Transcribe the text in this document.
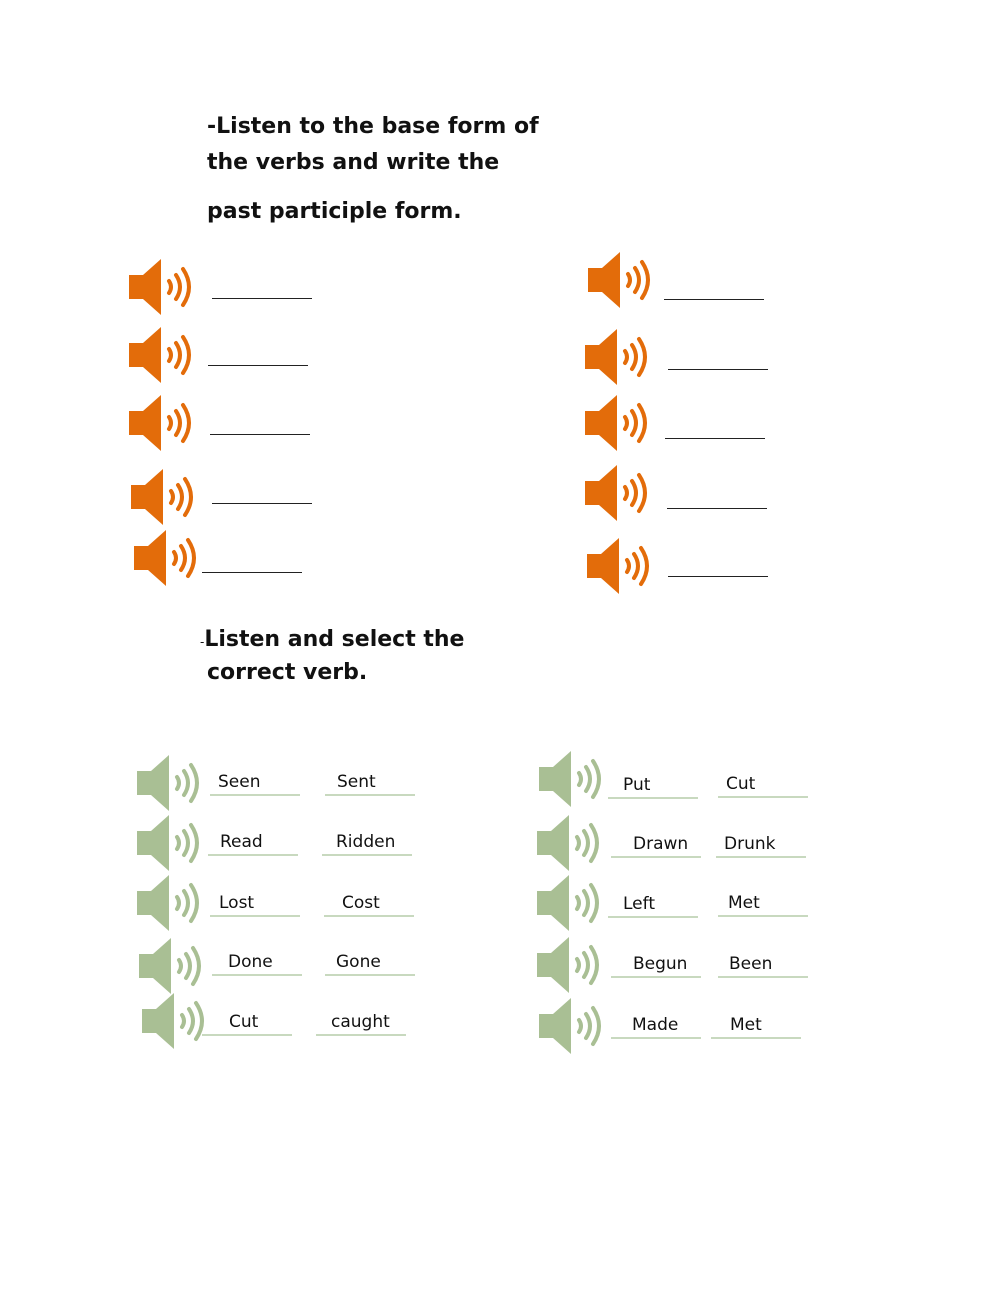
-Listen to the base form of
the verbs and write the
past participle form.
-Listen and select the
correct verb.
Seen	Sent
Read	Ridden
Lost	Cost
Done	Gone
Cut	caught
Put	Cut
Drawn Drunk
Left	Met
Begun Been
Made	Met
